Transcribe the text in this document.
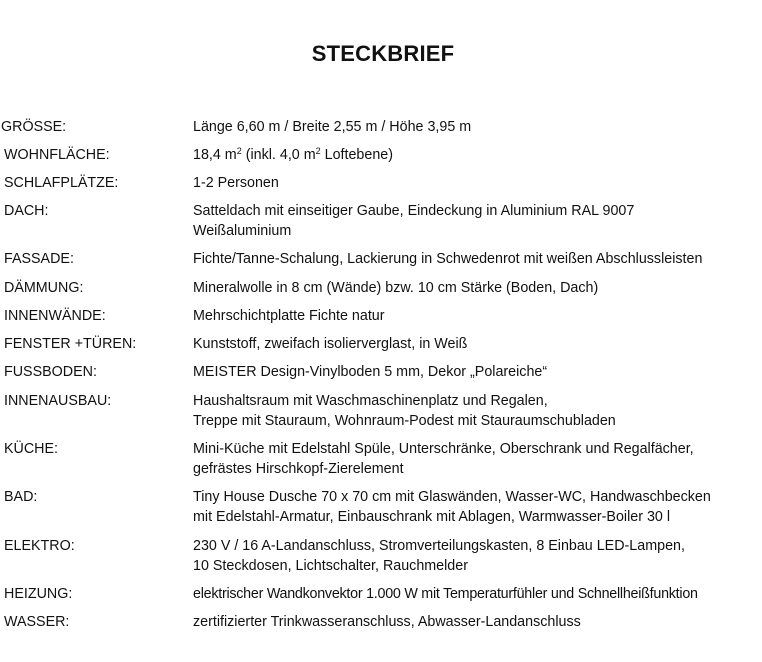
STECKBRIEF
GRÖSSE:	Länge 6,60 m / Breite 2,55 m / Höhe 3,95 m
WOHNFLÄCHE:	18,4 $m^2$ (inkl. 4,0 $m^2$ Loftebene)
SCHLAFPLÄTZE:	1-2 Personen
DACH:	Satteldach mit einseitiger Gaube, Eindeckung in Aluminium RAL 9007
Weißaluminium
FASSADE:	Fichte/Tanne-Schalung, Lackierung in Schwedenrot mit weißen Abschlussleisten
DÄMMUNG:	Mineralwolle in 8 cm (Wände) bzw. 10 cm Stärke (Boden, Dach)
INNENWÄNDE:	Mehrschichtplatte Fichte natur
FENSTER +TÜREN:	Kunststoff, zweifach isolierverglast, in Weiß
FUSSBODEN:	MEISTER Design-Vinylboden 5 mm, Dekor „Polareiche“
INNENAUSBAU:	Haushaltsraum mit Waschmaschinenplatz und Regalen,
Treppe mit Stauraum, Wohnraum-Podest mit Stauraumschubladen
KÜCHE:	Mini-Küche mit Edelstahl Spüle, Unterschränke, Oberschrank und Regalfächer,
gefrästes Hirschkopf-Zierelement
BAD:	Tiny House Dusche 70 x 70 cm mit Glaswänden, Wasser-WC, Handwaschbecken
mit Edelstahl-Armatur, Einbauschrank mit Ablagen, Warmwasser-Boiler 30 l
ELEKTRO:	230 V / 16 A-Landanschluss, Stromverteilungskasten, 8 Einbau LED-Lampen,
10 Steckdosen, Lichtschalter, Rauchmelder
HEIZUNG:	elektrischer Wandkonvektor 1.000 W mit Temperaturfühler und Schnellheißfunktion
WASSER:	zertifizierter Trinkwasseranschluss, Abwasser-Landanschluss
